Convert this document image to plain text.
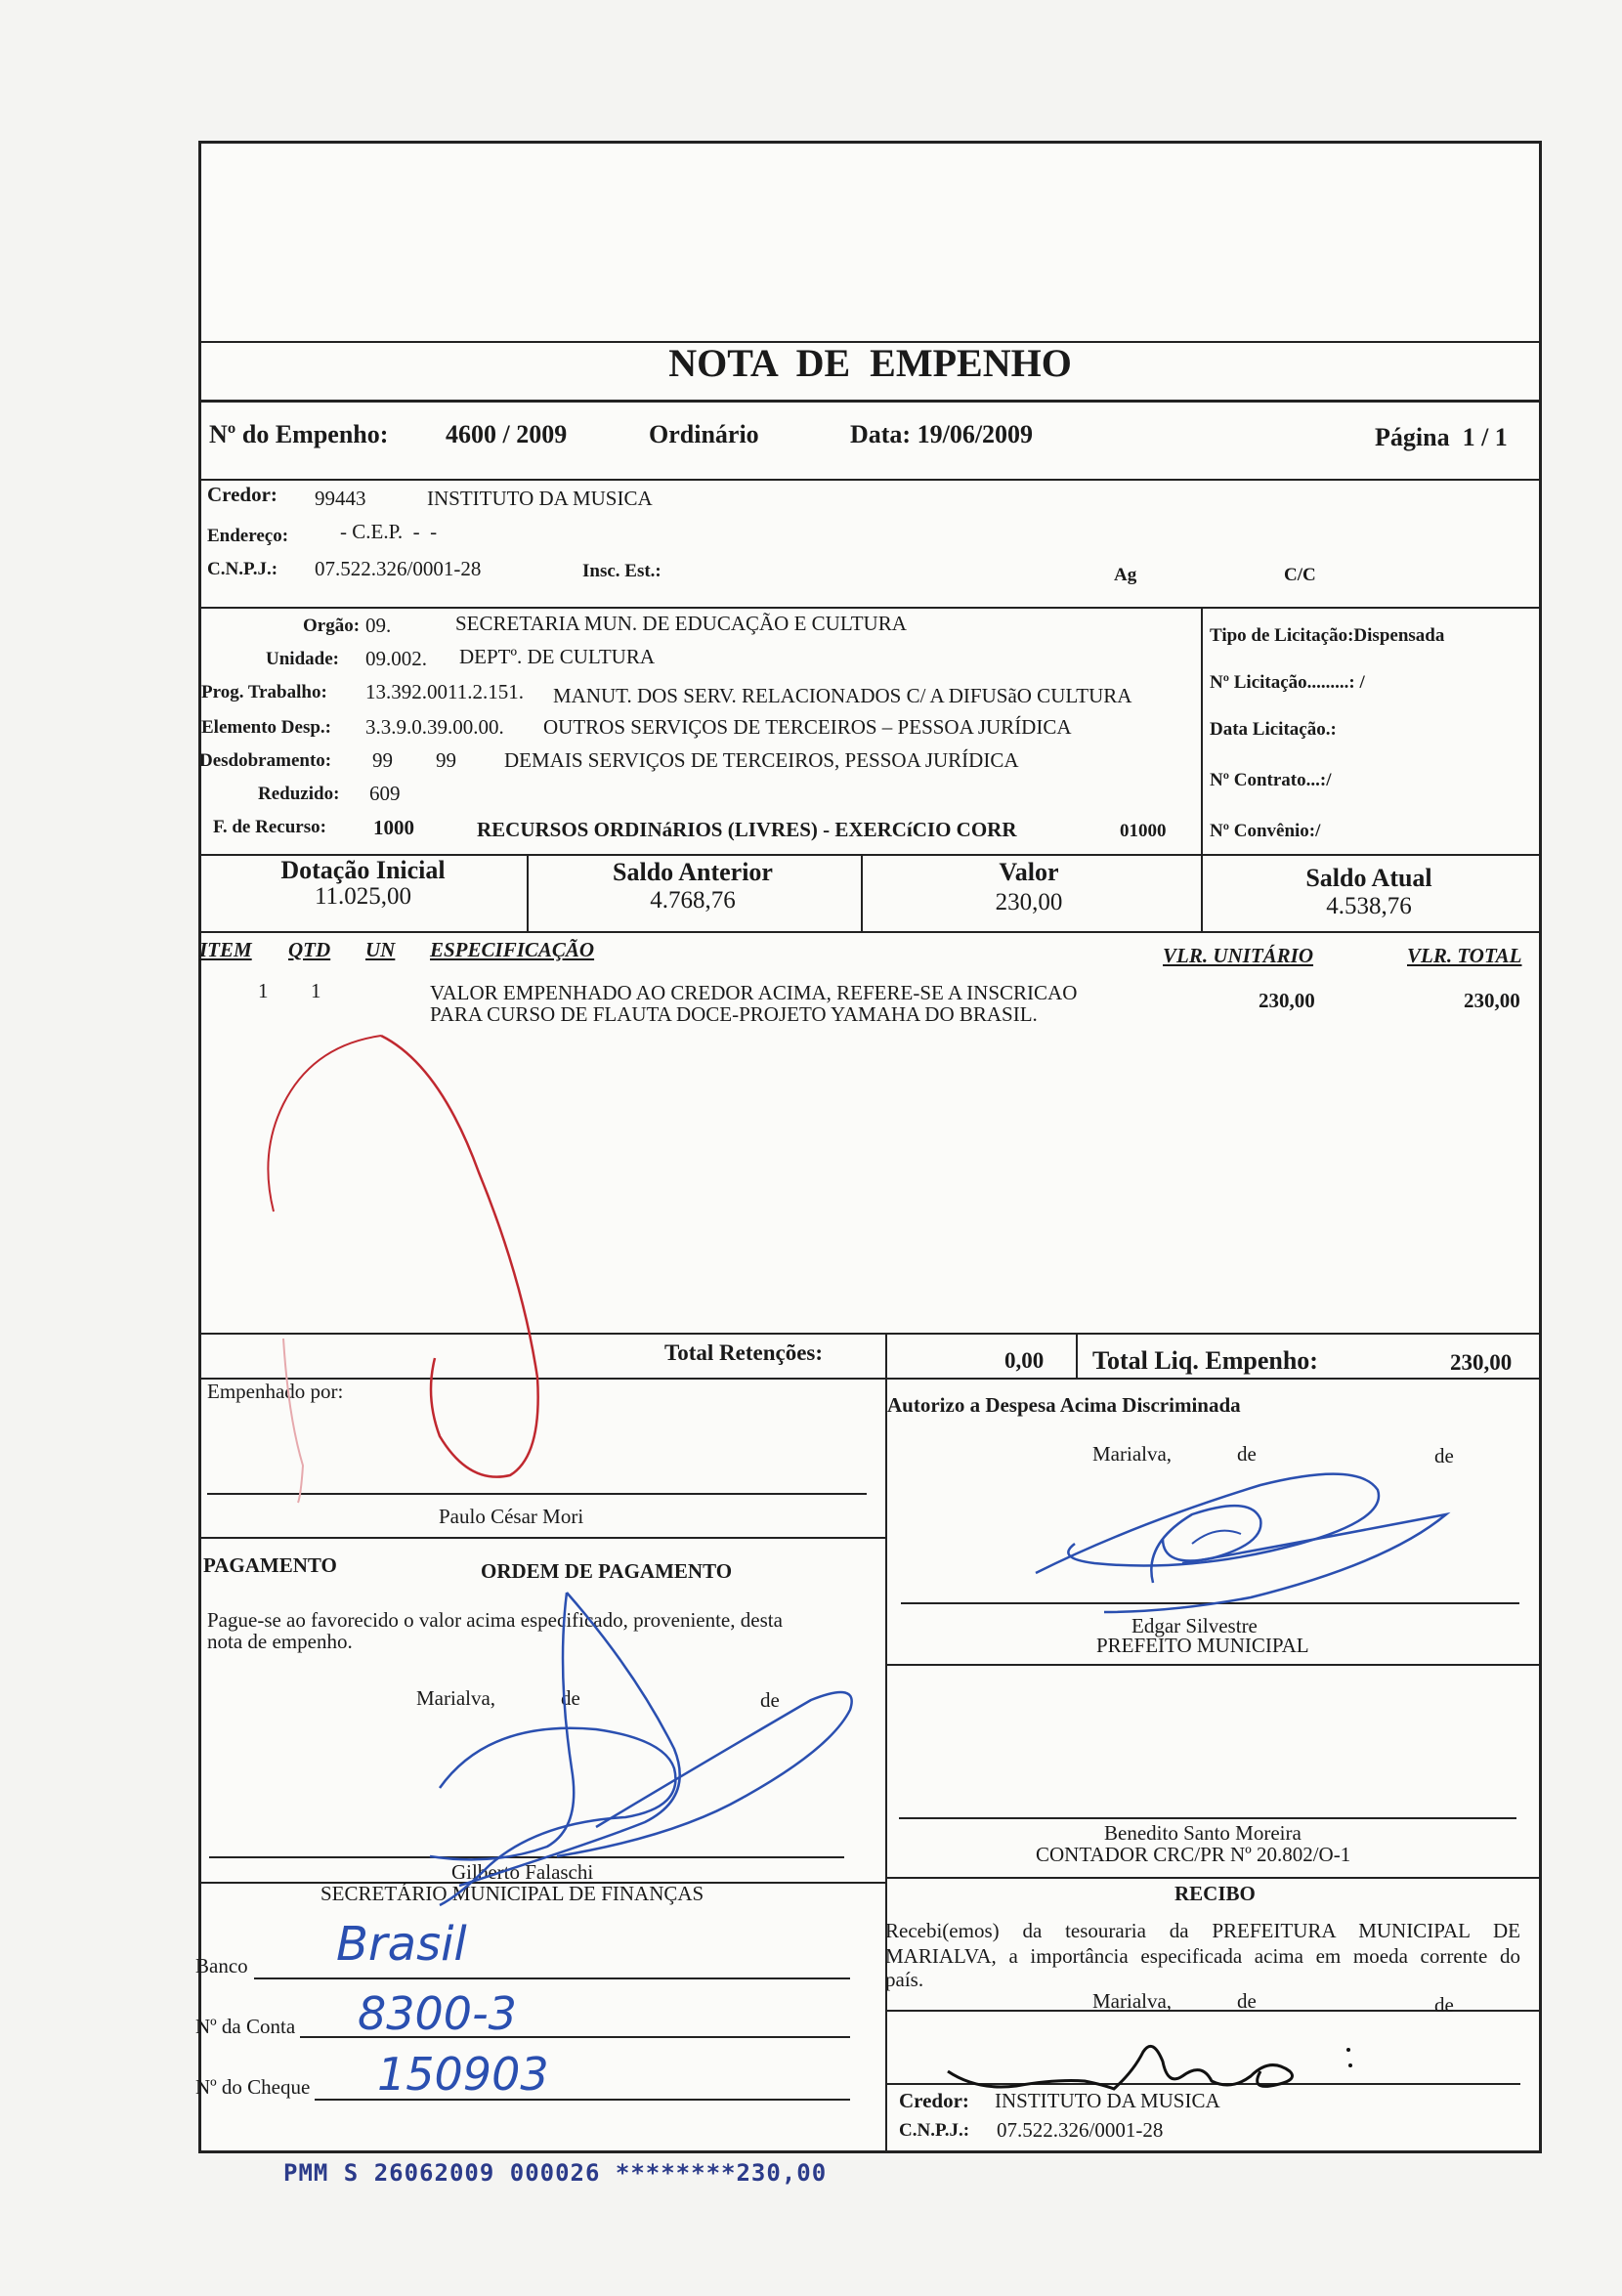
NOTA  DE  EMPENHO
Nº do Empenho: 4600 / 2009	Ordinário	Data: 19/06/2009	Página  1 / 1
Credor: 99443	INSTITUTO DA MUSICA
Endereço:	- C.E.P.  -  -
C.N.P.J.: 07.522.326/0001-28	Insc. Est.:	Ag	C/C
Orgão: 09.	SECRETARIA MUN. DE EDUCAÇÃO E CULTURA
Unidade: 09.002. DEPTº. DE CULTURA
Prog. Trabalho: 13.392.0011.2.151. MANUT. DOS SERV. RELACIONADOS C/ A DIFUSãO CULTURA
Elemento Desp.: 3.3.9.0.39.00.00. OUTROS SERVIÇOS DE TERCEIROS – PESSOA JURÍDICA
Desdobramento: 99 99 DEMAIS SERVIÇOS DE TERCEIROS, PESSOA JURÍDICA
Reduzido: 609
F. de Recurso: 1000	RECURSOS ORDINáRIOS (LIVRES) - EXERCíCIO CORR	01000
Tipo de Licitação:Dispensada
Nº Licitação.........: /
Data Licitação.:
Nº Contrato...:/
Nº Convênio:/
Dotação Inicial
11.025,00
Saldo Anterior
4.768,76
Valor
230,00
Saldo Atual
4.538,76
ITEM QTD UN ESPECIFICAÇÃO	VLR. UNITÁRIO	VLR. TOTAL
1 1	VALOR EMPENHADO AO CREDOR ACIMA, REFERE-SE A INSCRICAO
PARA CURSO DE FLAUTA DOCE-PROJETO YAMAHA DO BRASIL.
230,00	230,00
Total Retenções:	0,00 Total Liq. Empenho:	230,00
Empenhado por:
Paulo César Mori
Autorizo a Despesa Acima Discriminada
Marialva,	de	de
Edgar Silvestre
PREFEITO MUNICIPAL
PAGAMENTO	ORDEM DE PAGAMENTO
Pague-se ao favorecido o valor acima especificado, proveniente, desta
nota de empenho.
Marialva,	de	de
Gilberto Falaschi
SECRETÁRIO MUNICIPAL DE FINANÇAS
Benedito Santo Moreira
CONTADOR CRC/PR Nº 20.802/O-1
RECIBO
Recebi(emos) da tesouraria da PREFEITURA MUNICIPAL DE
MARIALVA, a importância especificada acima em moeda corrente do
país.
Marialva,	de	de
Credor: INSTITUTO DA MUSICA
C.N.P.J.: 07.522.326/0001-28
Banco Brasil
Nº da Conta 8300-3
Nº do Cheque 150903
PMM S 26062009 000026 ********230,00
